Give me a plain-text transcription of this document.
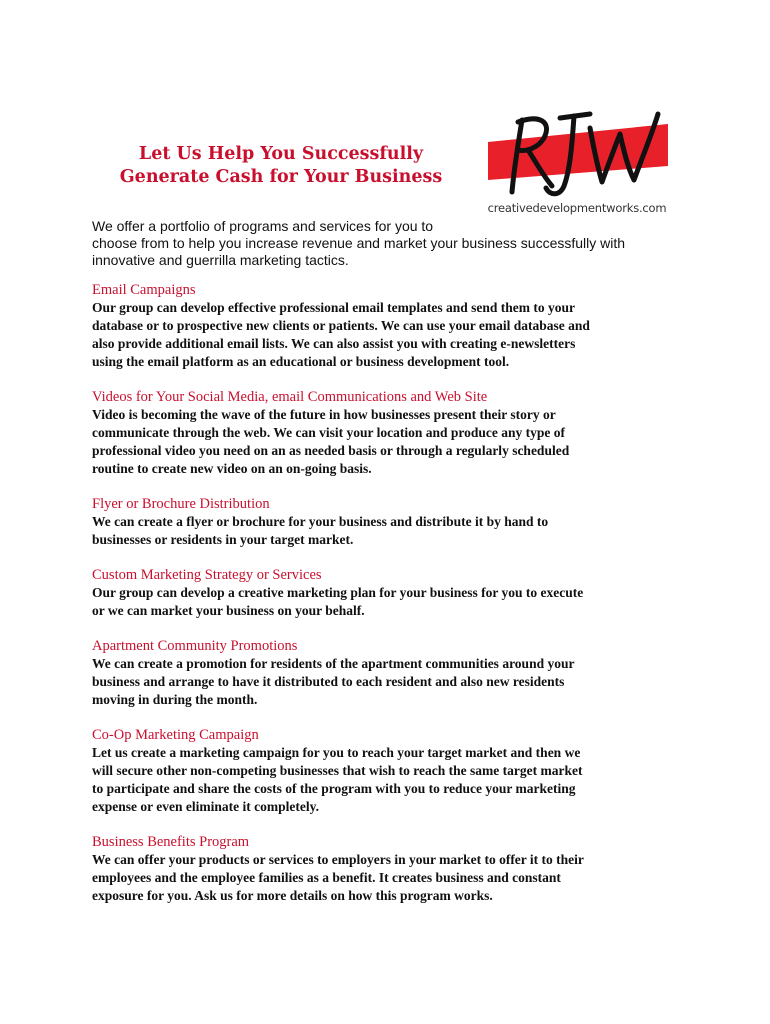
Let Us Help You Successfully
Generate Cash for Your Business
creativedevelopmentworks.com
We offer a portfolio of programs and services for you to
choose from to help you increase revenue and market your business successfully with
innovative and guerrilla marketing tactics.

Email Campaigns

Our group can develop effective professional email templates and send them to your
database or to prospective new clients or patients. We can use your email database and
also provide additional email lists. We can also assist you with creating e-newsletters
using the email platform as an educational or business development tool.

Videos for Your Social Media, email Communications and Web Site

Video is becoming the wave of the future in how businesses present their story or
communicate through the web. We can visit your location and produce any type of
professional video you need on an as needed basis or through a regularly scheduled
routine to create new video on an on-going basis.

Flyer or Brochure Distribution

We can create a flyer or brochure for your business and distribute it by hand to
businesses or residents in your target market.

Custom Marketing Strategy or Services

Our group can develop a creative marketing plan for your business for you to execute
or we can market your business on your behalf.

Apartment Community Promotions

We can create a promotion for residents of the apartment communities around your
business and arrange to have it distributed to each resident and also new residents
moving in during the month.

Co-Op Marketing Campaign

Let us create a marketing campaign for you to reach your target market and then we
will secure other non-competing businesses that wish to reach the same target market
to participate and share the costs of the program with you to reduce your marketing
expense or even eliminate it completely.

Business Benefits Program

We can offer your products or services to employers in your market to offer it to their
employees and the employee families as a benefit. It creates business and constant
exposure for you. Ask us for more details on how this program works.
